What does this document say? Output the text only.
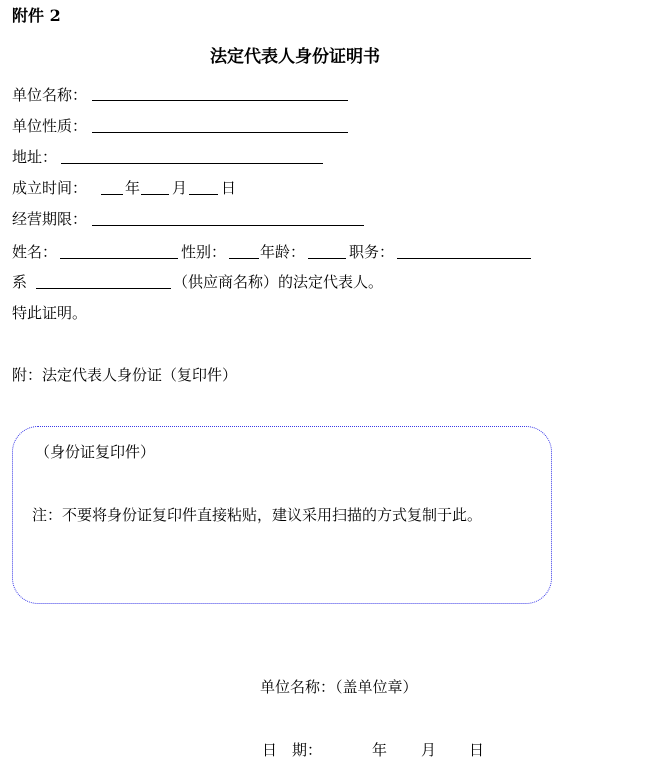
附件 2
法定代表人身份证明书
单位名称：
单位性质：
地址：
成立时间：	年 月 日
经营期限：
姓名：	性别： 年龄：	职务：
系	（供应商名称）的法定代表人。
特此证明。
附：法定代表人身份证（复印件）
（身份证复印件）
注：不要将身份证复印件直接粘贴，建议采用扫描的方式复制于此。
单位名称：（盖单位章）
日　期：	年 月 日
